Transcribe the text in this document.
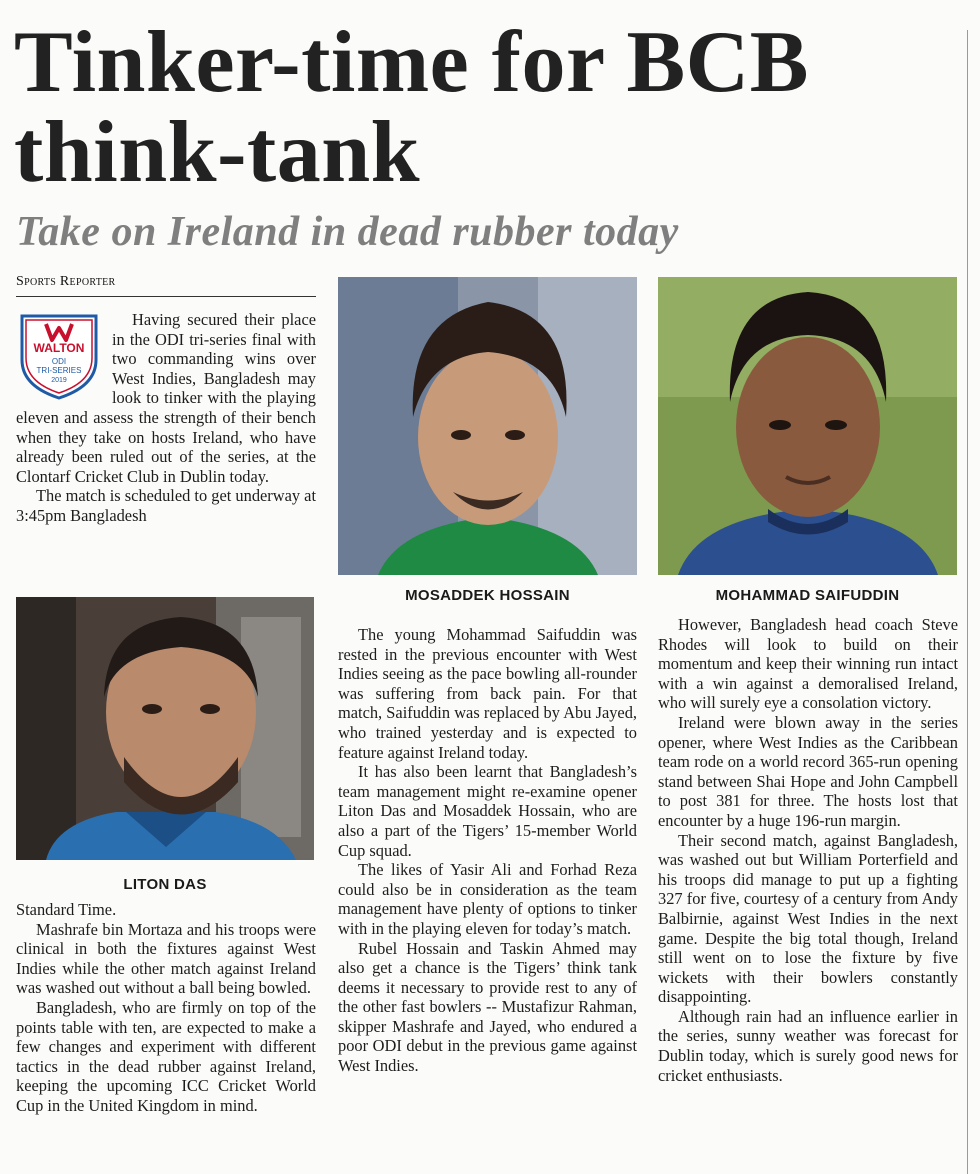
Tinker-time for BCB think-tank
Take on Ireland in dead rubber today
Sports Reporter
WALTON
ODI
TRI-SERIES
2019

Having secured their place in the ODI tri-series final with two commanding wins over West Indies, Bangladesh may look to tinker with the playing eleven and assess the strength of their bench when they take on hosts Ireland, who have already been ruled out of the series, at the Clontarf Cricket Club in Dublin today.

The match is scheduled to get underway at 3:45pm Bangladesh

LITON DAS

Standard Time.

Mashrafe bin Mortaza and his troops were clinical in both the fixtures against West Indies while the other match against Ireland was washed out without a ball being bowled.

Bangladesh, who are firmly on top of the points table with ten, are expected to make a few changes and experiment with different tactics in the dead rubber against Ireland, keeping the upcoming ICC Cricket World Cup in the United Kingdom in mind.

MOSADDEK HOSSAIN

The young Mohammad Saifuddin was rested in the previous encounter with West Indies seeing as the pace bowling all-rounder was suffering from back pain. For that match, Saifuddin was replaced by Abu Jayed, who trained yesterday and is expected to feature against Ireland today.

It has also been learnt that Bangladesh’s team management might re-examine opener Liton Das and Mosaddek Hossain, who are also a part of the Tigers’ 15-member World Cup squad.

The likes of Yasir Ali and Forhad Reza could also be in consideration as the team management have plenty of options to tinker with in the playing eleven for today’s match.

Rubel Hossain and Taskin Ahmed may also get a chance is the Tigers’ think tank deems it necessary to provide rest to any of the other fast bowlers -- Mustafizur Rahman, skipper Mashrafe and Jayed, who endured a poor ODI debut in the previous game against West Indies.

MOHAMMAD SAIFUDDIN

However, Bangladesh head coach Steve Rhodes will look to build on their momentum and keep their winning run intact with a win against a demoralised Ireland, who will surely eye a consolation victory.

Ireland were blown away in the series opener, where West Indies as the Caribbean team rode on a world record 365-run opening stand between Shai Hope and John Campbell to post 381 for three. The hosts lost that encounter by a huge 196-run margin.

Their second match, against Bangladesh, was washed out but William Porterfield and his troops did manage to put up a fighting 327 for five, courtesy of a century from Andy Balbirnie, against West Indies in the next game. Despite the big total though, Ireland still went on to lose the fixture by five wickets with their bowlers constantly disappointing.

Although rain had an influence earlier in the series, sunny weather was forecast for Dublin today, which is surely good news for cricket enthusiasts.
